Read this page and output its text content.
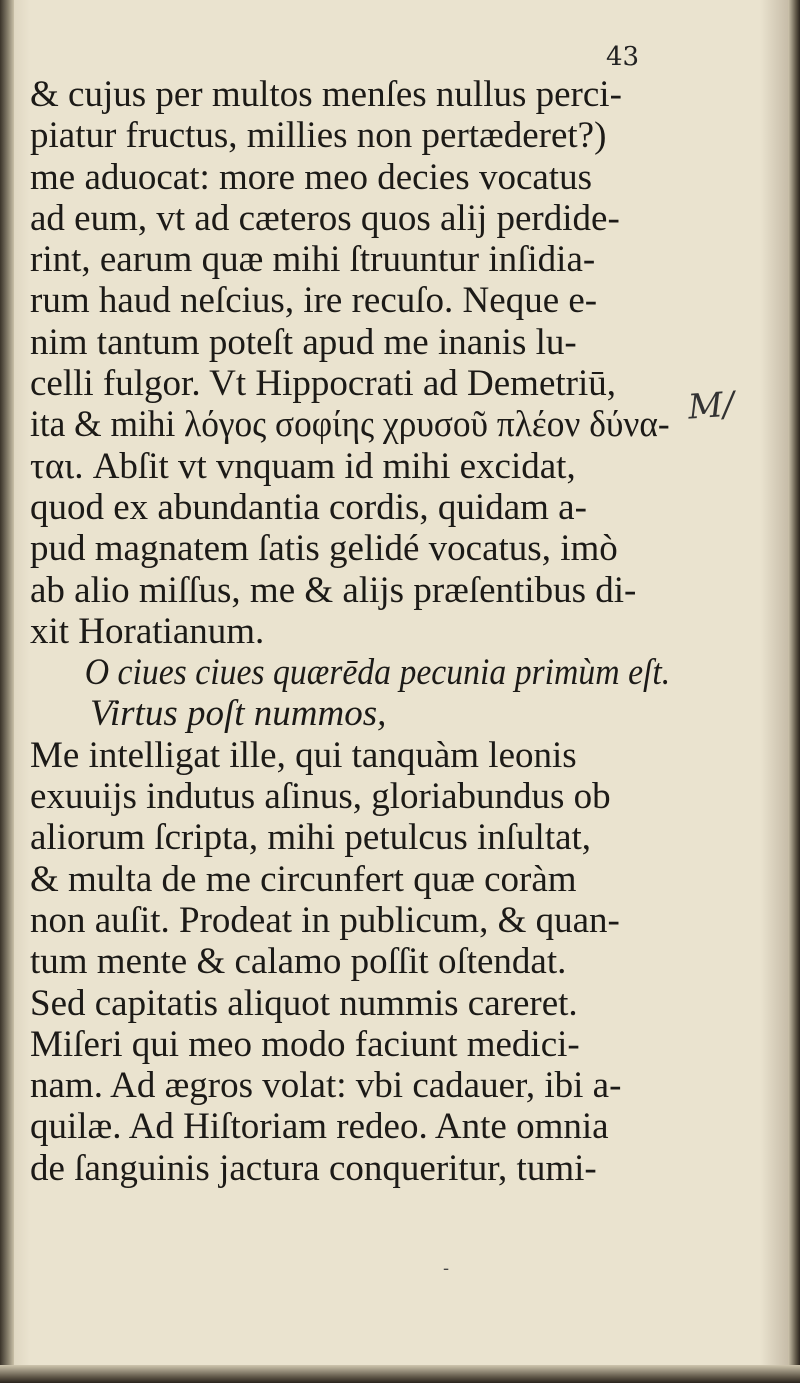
43
& cujus per multos menſes nullus perci-
piatur fructus, millies non pertæderet?)
me aduocat: more meo decies vocatus
ad eum, vt ad cæteros quos alij perdide-
rint, earum quæ mihi ſtruuntur inſidia-
rum haud neſcius, ire recuſo. Neque e-
nim tantum poteſt apud me inanis lu-
celli fulgor. Vt Hippocrati ad Demetriū,
ita & mihi λόγος σοφίης χρυσοῦ πλέον δύνα-
ται. Abſit vt vnquam id mihi excidat,
quod ex abundantia cordis, quidam a-
pud magnatem ſatis gelidé vocatus, imò
ab alio miſſus, me & alijs præſentibus di-
xit Horatianum.
O ciues ciues quærēda pecunia primùm eſt.
Virtus poſt nummos,
Me intelligat ille, qui tanquàm leonis
exuuijs indutus aſinus, gloriabundus ob
aliorum ſcripta, mihi petulcus inſultat,
& multa de me circunfert quæ coràm
non auſit. Prodeat in publicum, & quan-
tum mente & calamo poſſit oſtendat.
Sed capitatis aliquot nummis careret.
Miſeri qui meo modo faciunt medici-
nam. Ad ægros volat: vbi cadauer, ibi a-
quilæ. Ad Hiſtoriam redeo. Ante omnia
de ſanguinis jactura conqueritur, tumi-
M/
-
